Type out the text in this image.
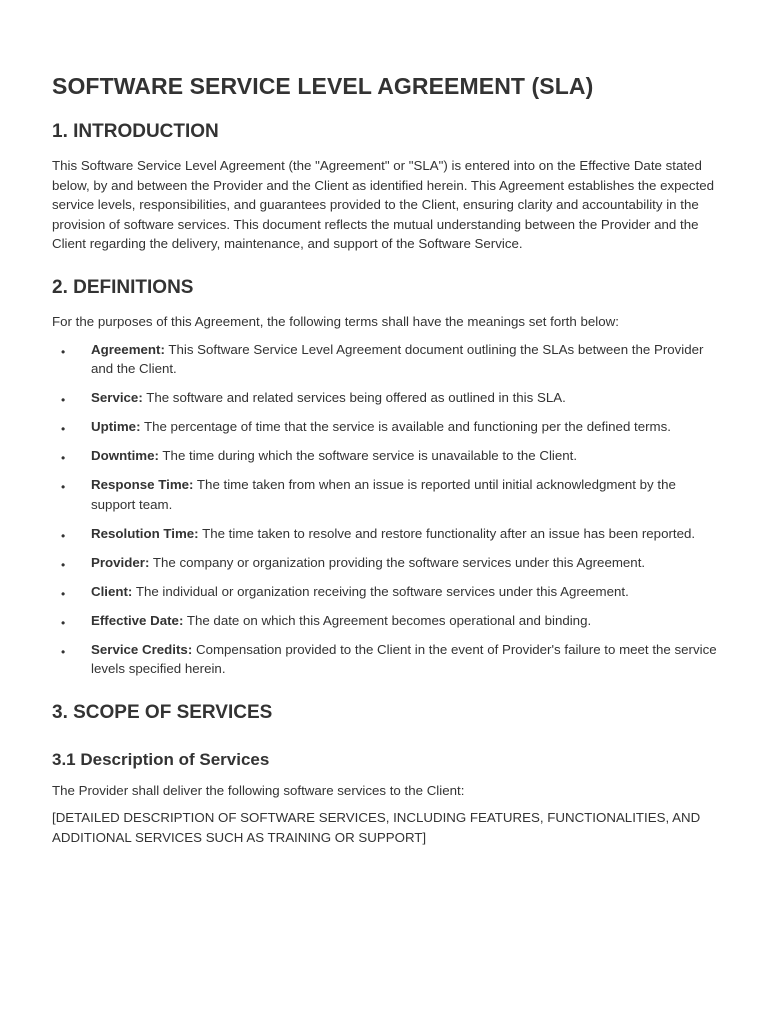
SOFTWARE SERVICE LEVEL AGREEMENT (SLA)
1. INTRODUCTION

This Software Service Level Agreement (the "Agreement" or "SLA") is entered into on the Effective Date stated below, by and between the Provider and the Client as identified herein. This Agreement establishes the expected service levels, responsibilities, and guarantees provided to the Client, ensuring clarity and accountability in the provision of software services. This document reflects the mutual understanding between the Provider and the Client regarding the delivery, maintenance, and support of the Software Service.

2. DEFINITIONS

For the purposes of this Agreement, the following terms shall have the meanings set forth below:

• Agreement: This Software Service Level Agreement document outlining the SLAs between the Provider and the Client.
• Service: The software and related services being offered as outlined in this SLA.
• Uptime: The percentage of time that the service is available and functioning per the defined terms.
• Downtime: The time during which the software service is unavailable to the Client.
• Response Time: The time taken from when an issue is reported until initial acknowledgment by the support team.
• Resolution Time: The time taken to resolve and restore functionality after an issue has been reported.
• Provider: The company or organization providing the software services under this Agreement.
• Client: The individual or organization receiving the software services under this Agreement.
• Effective Date: The date on which this Agreement becomes operational and binding.
• Service Credits: Compensation provided to the Client in the event of Provider's failure to meet the service levels specified herein.
3. SCOPE OF SERVICES
3.1 Description of Services

The Provider shall deliver the following software services to the Client:

[DETAILED DESCRIPTION OF SOFTWARE SERVICES, INCLUDING FEATURES, FUNCTIONALITIES, AND ADDITIONAL SERVICES SUCH AS TRAINING OR SUPPORT]
